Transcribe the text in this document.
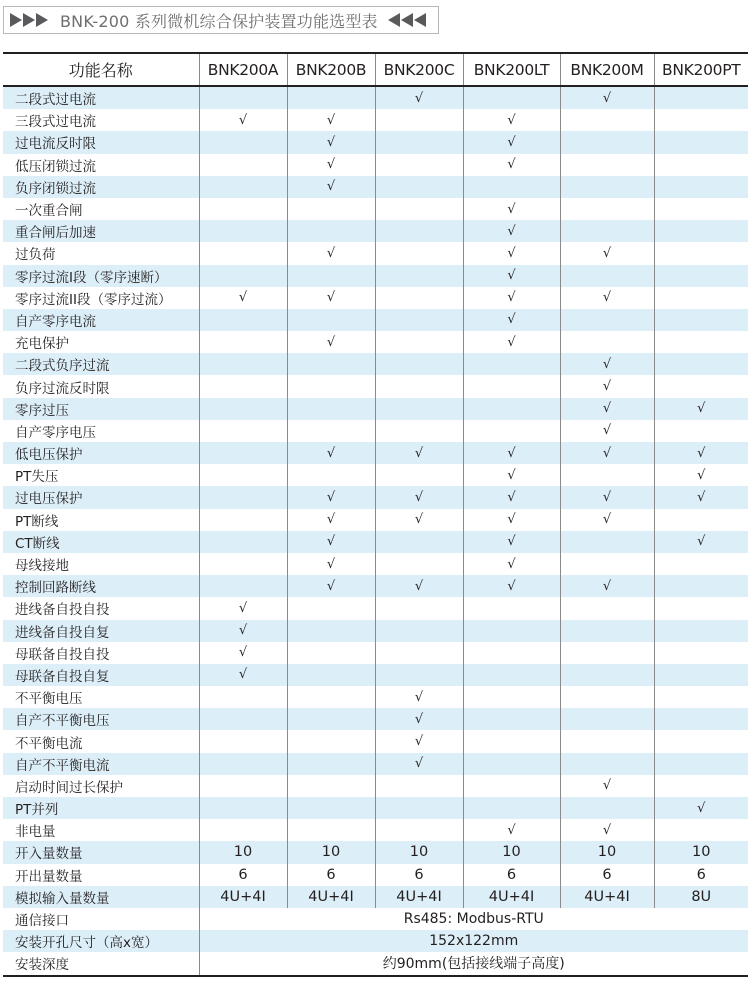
BNK-200 系列微机综合保护装置功能选型表
功能名称	BNK200A	BNK200B	BNK200C	BNK200LT	BNK200M	BNK200PT
二段式过电流			√		√	
三段式过电流	√	√		√		
过电流反时限		√		√		
低压闭锁过流		√		√		
负序闭锁过流		√				
一次重合闸				√		
重合闸后加速				√		
过负荷		√		√	√	
零序过流I段（零序速断）				√		
零序过流II段（零序过流）	√	√		√	√	
自产零序电流				√		
充电保护		√		√		
二段式负序过流					√	
负序过流反时限					√	
零序过压					√	√
自产零序电压					√	
低电压保护		√	√	√	√	√
PT失压				√		√
过电压保护		√	√	√	√	√
PT断线		√	√	√	√	
CT断线		√		√		√
母线接地		√		√		
控制回路断线		√	√	√	√	
进线备自投自投	√					
进线备自投自复	√					
母联备自投自投	√					
母联备自投自复	√					
不平衡电压			√			
自产不平衡电压			√			
不平衡电流			√			
自产不平衡电流			√			
启动时间过长保护					√	
PT并列						√
非电量				√	√	
开入量数量	10	10	10	10	10	10
开出量数量	6	6	6	6	6	6
模拟输入量数量	4U+4I	4U+4I	4U+4I	4U+4I	4U+4I	8U
通信接口	Rs485: Modbus-RTU					
安装开孔尺寸（高x宽）	152x122mm					
安装深度	约90mm(包括接线端子高度)					
